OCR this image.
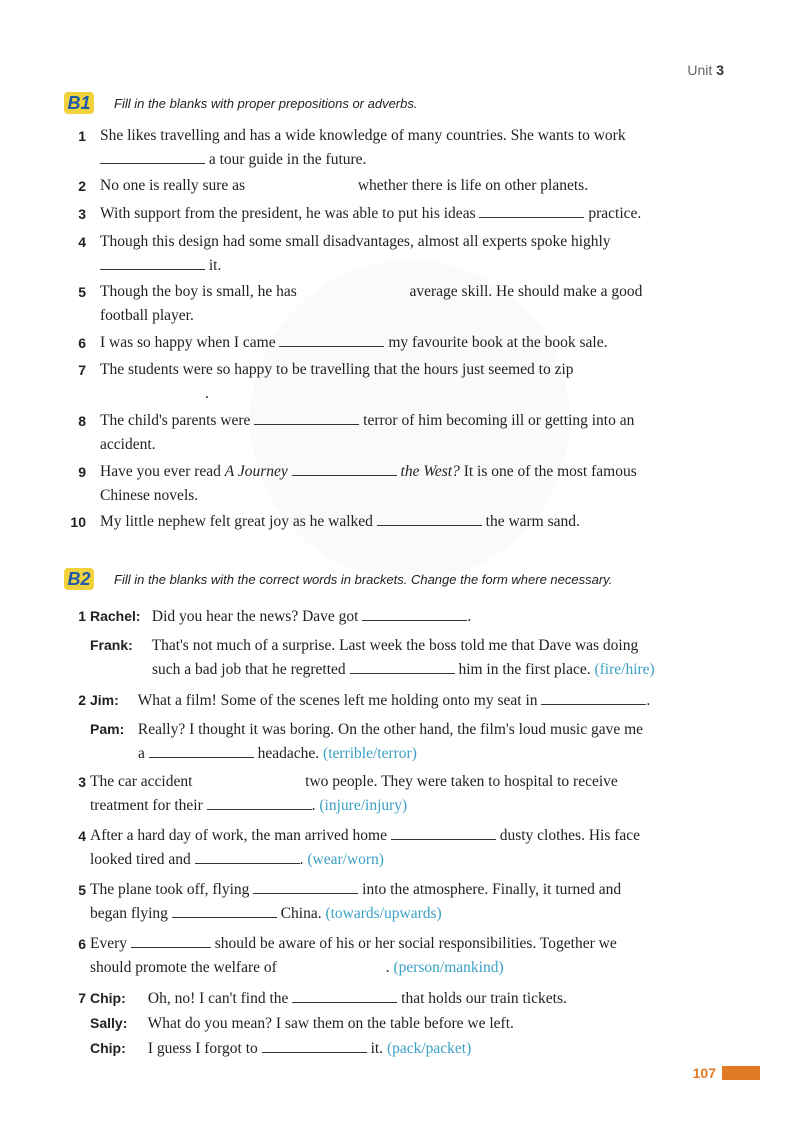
Unit 3
B1 Fill in the blanks with proper prepositions or adverbs.
1 She likes travelling and has a wide knowledge of many countries. She wants to work
a tour guide in the future.
2 No one is really sure as	whether there is life on other planets.
3 With support from the president, he was able to put his ideas	practice.
4 Though this design had some small disadvantages, almost all experts spoke highly
it.
5 Though the boy is small, he has	average skill. He should make a good
football player.
6 I was so happy when I came	my favourite book at the book sale.
7 The students were so happy to be travelling that the hours just seemed to zip
.
8 The child's parents were	terror of him becoming ill or getting into an
accident.
9 Have you ever read A Journey	the West? It is one of the most famous
Chinese novels.
10 My little nephew felt great joy as he walked	the warm sand.
B2 Fill in the blanks with the correct words in brackets. Change the form where necessary.
1 Rachel: Did you hear the news? Dave got	.
Frank: That's not much of a surprise. Last week the boss told me that Dave was doing
such a bad job that he regretted	him in the first place. (fire/hire)
2 Jim: What a film! Some of the scenes left me holding onto my seat in	.
Pam: Really? I thought it was boring. On the other hand, the film's loud music gave me
a	headache. (terrible/terror)
3 The car accident	two people. They were taken to hospital to receive
treatment for their	. (injure/injury)
4 After a hard day of work, the man arrived home	dusty clothes. His face
looked tired and	. (wear/worn)
5 The plane took off, flying	into the atmosphere. Finally, it turned and
began flying	China. (towards/upwards)
6 Every	should be aware of his or her social responsibilities. Together we
should promote the welfare of	. (person/mankind)
7 Chip: Oh, no! I can't find the	that holds our train tickets.
Sally: What do you mean? I saw them on the table before we left.
Chip: I guess I forgot to	it. (pack/packet)
107
